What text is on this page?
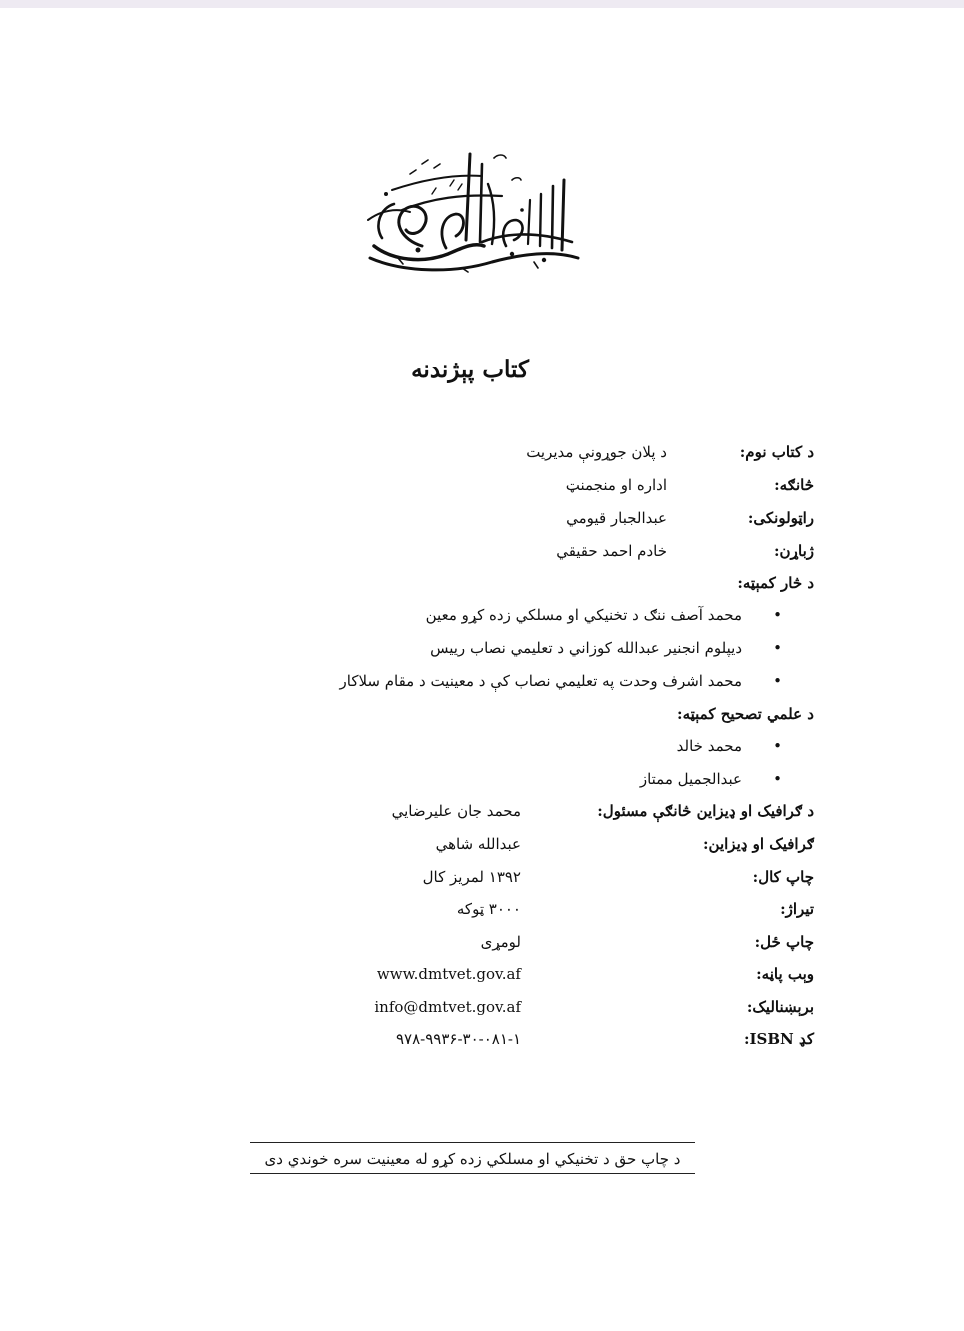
کتاب پېژندنه
د کتاب نوم:
د پلان جوړونې مدیریت
څانګه:
اداره او منجمنټ
راټولونکی:
عبدالجبار قیومي
ژباړن:
خادم احمد حقیقي
د څار کمېټه:
•
محمد آصف ننګ د تخنیکي او مسلکي زده کړو معین
•
دیپلوم انجنیر عبدالله کوزاني د تعلیمي نصاب رییس
•
محمد اشرف وحدت په تعلیمي نصاب کې د معینیت د مقام سلاکار
د علمي تصحیح کمېټه:
•
محمد خالد
•
عبدالجمیل ممتاز
د ګرافیک او ډیزاین څانګې مسئول:
محمد جان علیرضایي
ګرافیک او ډیزاین:
عبدالله شاهي
چاپ کال:
۱۳۹۲ لمریز کال
تیراژ:
۳۰۰۰ ټوکه
چاپ ځل:
لومړی
وېب پاڼه:
www.dmtvet.gov.af
برېښنالیک:
info@dmtvet.gov.af
کډ ISBN:
۹۷۸-۹۹۳۶-۳۰-۰۸۱-۱
د چاپ حق د تخنیکي او مسلکي زده کړو له معینیت سره خوندي دی
